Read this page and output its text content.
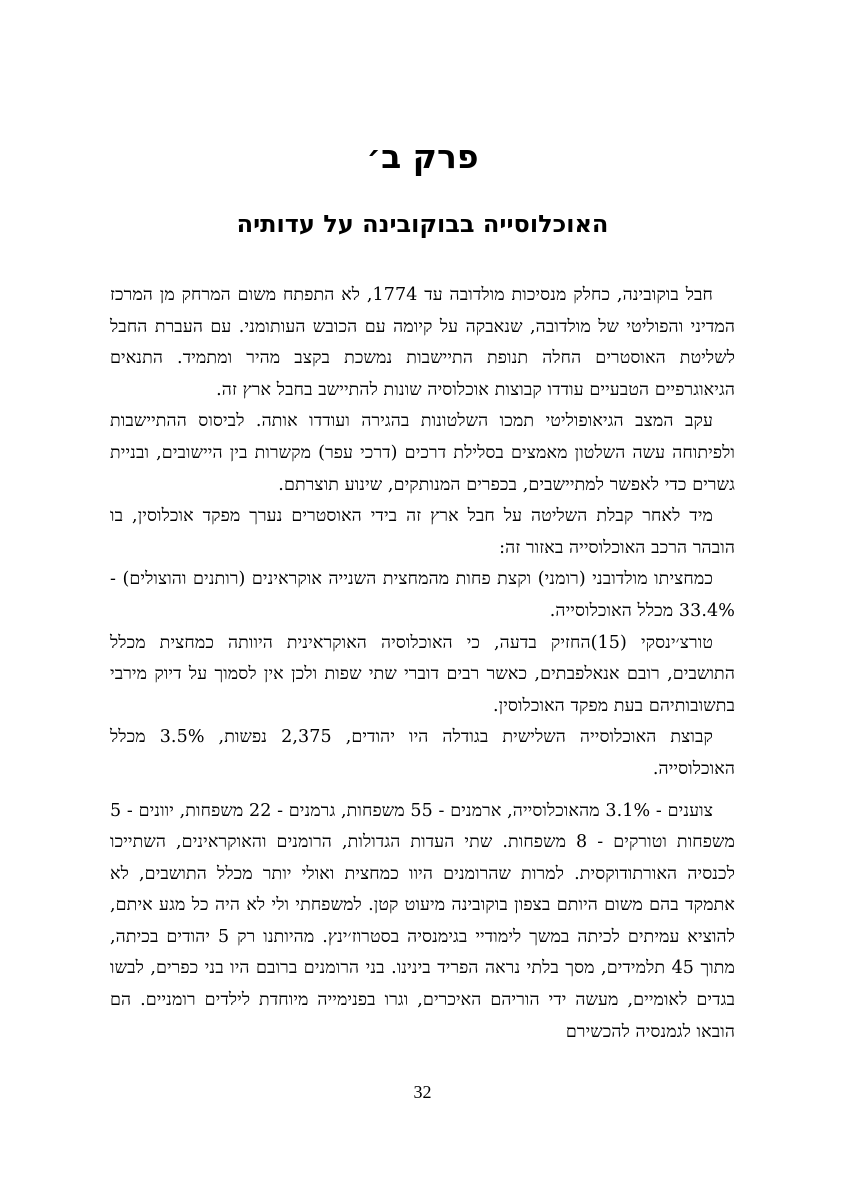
פרק ב׳
האוכלוסייה בבוקובינה על עדותיה

חבל בוקובינה, כחלק מנסיכות מולדובה עד 1774, לא התפתח משום המרחק מן המרכז המדיני והפוליטי של מולדובה, שנאבקה על קיומה עם הכובש העותומני. עם העברת החבל לשליטת האוסטרים החלה תנופת התיישבות נמשכת בקצב מהיר ומתמיד. התנאים הגיאוגרפיים הטבעיים עודדו קבוצות אוכלוסיה שונות להתיישב בחבל ארץ זה.

עקב המצב הגיאופוליטי תמכו השלטונות בהגירה ועודדו אותה. לביסוס ההתיישבות ולפיתוחה עשה השלטון מאמצים בסלילת דרכים (דרכי עפר) מקשרות בין היישובים, ובניית גשרים כדי לאפשר למתיישבים, בכפרים המנותקים, שינוע תוצרתם.

מיד לאחר קבלת השליטה על חבל ארץ זה בידי האוסטרים נערך מפקד אוכלוסין, בו הובהר הרכב האוכלוסייה באזור זה:

כמחציתו מולדובני (רומני) וקצת פחות מהמחצית השנייה אוקראינים (רותנים והוצולים) - 33.4% מכלל האוכלוסייה.

טורצ׳ינסקי (15)החזיק בדעה, כי האוכלוסיה האוקראינית היוותה כמחצית מכלל התושבים, רובם אנאלפבתים, כאשר רבים דוברי שתי שפות ולכן אין לסמוך על דיוק מירבי בתשובותיהם בעת מפקד האוכלוסין.

קבוצת האוכלוסייה השלישית בגודלה היו יהודים, 2,375 נפשות, 3.5% מכלל האוכלוסייה.

צוענים - 3.1% מהאוכלוסייה, ארמנים - 55 משפחות, גרמנים - 22 משפחות, יוונים - 5 משפחות וטורקים - 8 משפחות. שתי העדות הגדולות, הרומנים והאוקראינים, השתייכו לכנסיה האורתודוקסית. למרות שהרומנים היוו כמחצית ואולי יותר מכלל התושבים, לא אתמקד בהם משום היותם בצפון בוקובינה מיעוט קטן. למשפחתי ולי לא היה כל מגע איתם, להוציא עמיתים לכיתה במשך לימודיי בגימנסיה בסטרוז׳ינץ. מהיותנו רק 5 יהודים בכיתה, מתוך 45 תלמידים, מסך בלתי נראה הפריד בינינו. בני הרומנים ברובם היו בני כפרים, לבשו בגדים לאומיים, מעשה ידי הוריהם האיכרים, וגרו בפנימייה מיוחדת לילדים רומניים. הם הובאו לגמנסיה להכשירם

32
